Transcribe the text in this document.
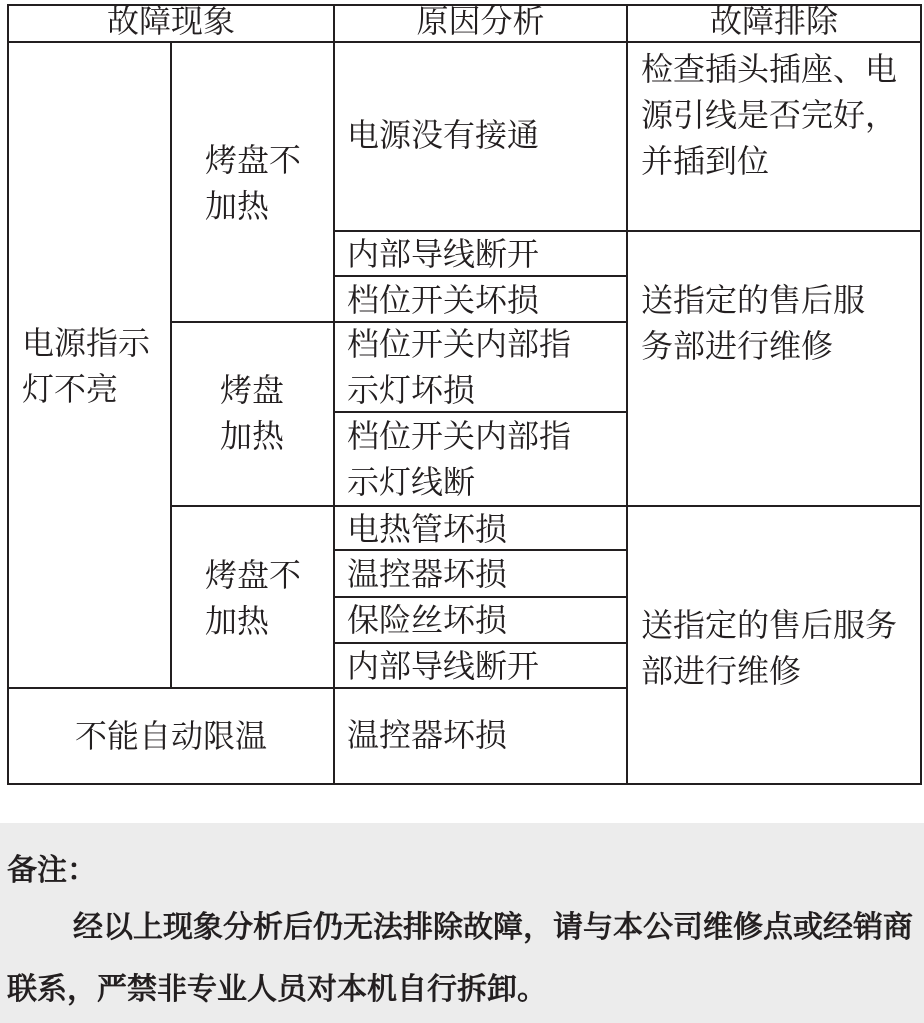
故障现象	原因分析	故障排除
电源指示
灯不亮
烤盘不
加热
烤盘
加热
烤盘不
加热
不能自动限温
电源没有接通
内部导线断开
档位开关坏损
档位开关内部指
示灯坏损
档位开关内部指
示灯线断
电热管坏损
温控器坏损
保险丝坏损
内部导线断开
温控器坏损
检查插头插座、电
源引线是否完好，
并插到位
送指定的售后服
务部进行维修
送指定的售后服务
部进行维修
备注：
经以上现象分析后仍无法排除故障，请与本公司维修点或经销商联系，严禁非专业人员对本机自行拆卸。
